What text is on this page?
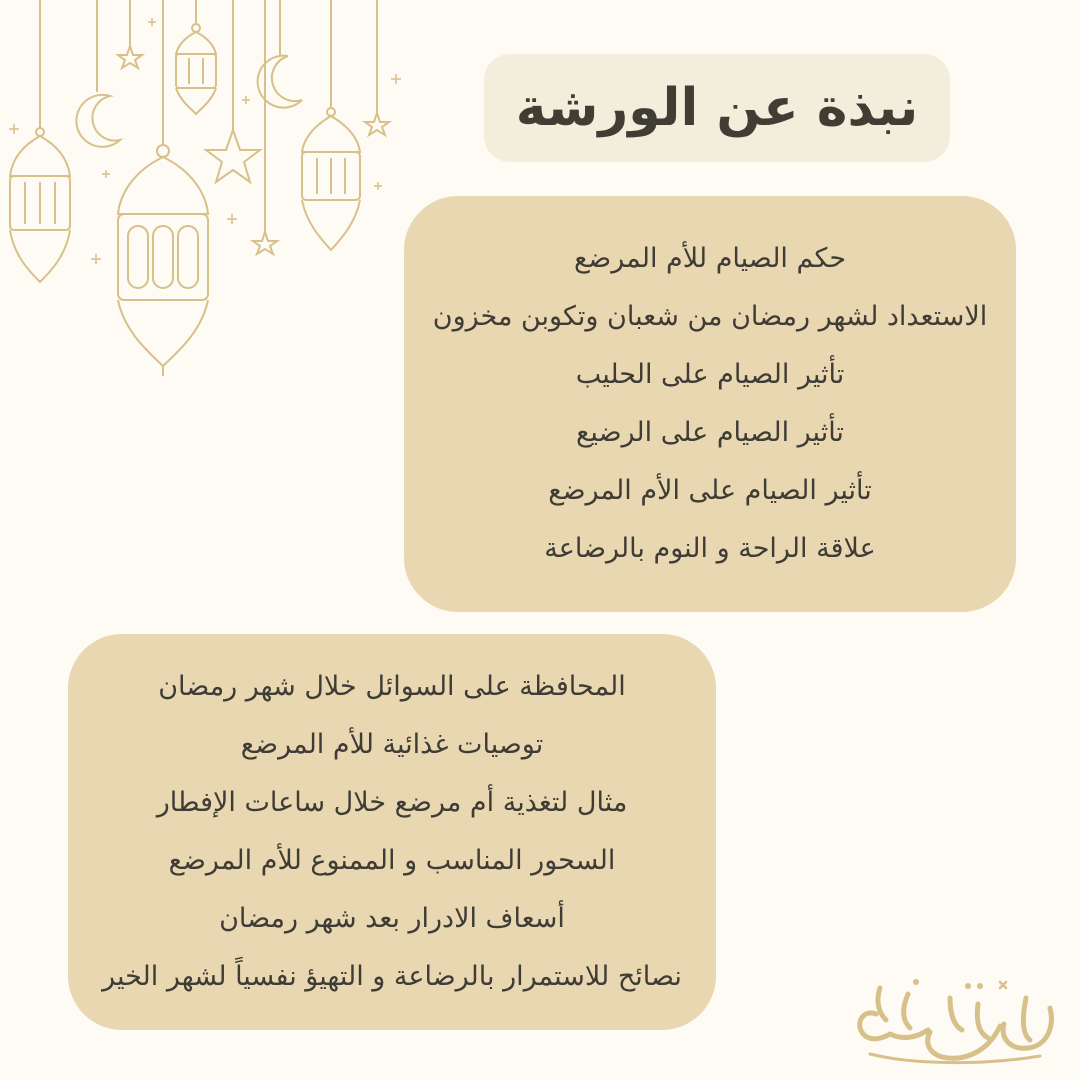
نبذة عن الورشة
حكم الصيام للأم المرضع
الاستعداد لشهر رمضان من شعبان وتكوبن مخزون
تأثير الصيام على الحليب
تأثير الصيام على الرضيع
تأثير الصيام على الأم المرضع
علاقة الراحة و النوم بالرضاعة
المحافظة على السوائل خلال شهر رمضان
توصيات غذائية للأم المرضع
مثال لتغذية أم مرضع خلال ساعات الإفطار
السحور المناسب و الممنوع للأم المرضع
أسعاف الادرار بعد شهر رمضان
نصائح للاستمرار بالرضاعة و التهيؤ نفسياً لشهر الخير
